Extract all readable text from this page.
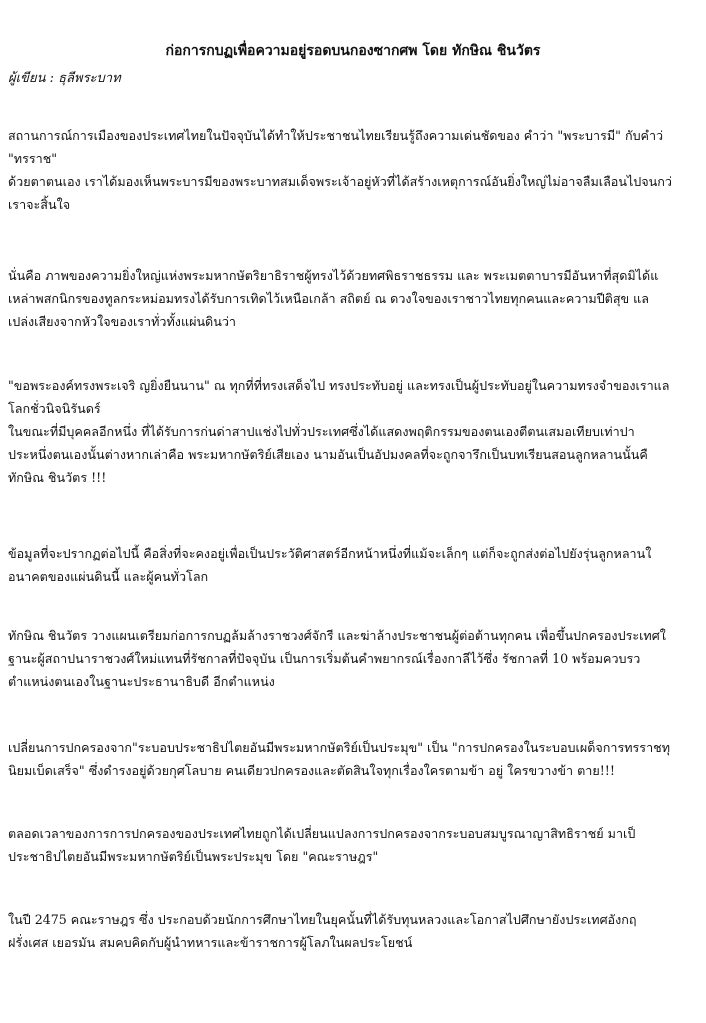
ก่อการกบฏเพื่อความอยู่รอดบนกองซากศพ โดย ทักษิณ ชินวัตร
ผู้เขียน : ธุลีพระบาท
สถานการณ์การเมืองของประเทศไทยในปัจจุบันได้ทำให้ประชาชนไทยเรียนรู้ถึงความเด่นชัดของ คำว่า "พระบารมี" กับคำว่
"ทรราช"
ด้วยตาตนเอง เราได้มองเห็นพระบารมีของพระบาทสมเด็จพระเจ้าอยู่หัวที่ได้สร้างเหตุการณ์อันยิ่งใหญ่ไม่อาจลืมเลือนไปจนกว่
เราจะสิ้นใจ
นั่นคือ ภาพของความยิ่งใหญ่แห่งพระมหากษัตริยาธิราชผู้ทรงไว้ด้วยทศพิธราชธรรม และ พระเมตตาบารมีอันหาที่สุดมิได้แ
เหล่าพสกนิกรของทูลกระหม่อมทรงได้รับการเทิดไว้เหนือเกล้า สถิตย์ ณ ดวงใจของเราชาวไทยทุกคนและความปีติสุข แล
เปล่งเสียงจากหัวใจของเราทั่วทั้งแผ่นดินว่า
"ขอพระองค์ทรงพระเจริ ญยิ่งยืนนาน" ณ ทุกที่ที่ทรงเสด็จไป ทรงประทับอยู่ และทรงเป็นผู้ประทับอยู่ในความทรงจำของเราแล
โลกชั่วนิจนิรันดร์
ในขณะที่มีบุคคลอีกหนึ่ง ที่ได้รับการก่นด่าสาปแช่งไปทั่วประเทศซึ่งได้แสดงพฤติกรรมของตนเองตีตนเสมอเทียบเท่าปา
ประหนึ่งตนเองนั้นต่างหากเล่าคือ พระมหากษัตริย์เสียเอง นามอันเป็นอัปมงคลที่จะถูกจารึกเป็นบทเรียนสอนลูกหลานนั้นคื
ทักษิณ ชินวัตร !!!
ข้อมูลที่จะปรากฏต่อไปนี้ คือสิ่งที่จะคงอยู่เพื่อเป็นประวัติศาสตร์อีกหน้าหนึ่งที่แม้จะเล็กๆ แต่ก็จะถูกส่งต่อไปยังรุ่นลูกหลานใ
อนาคตของแผ่นดินนี้ และผู้คนทั่วโลก
ทักษิณ ชินวัตร วางแผนเตรียมก่อการกบฏล้มล้างราชวงศ์จักรี และฆ่าล้างประชาชนผู้ต่อต้านทุกคน เพื่อขึ้นปกครองประเทศใ
ฐานะผู้สถาปนาราชวงศ์ใหม่แทนที่รัชกาลที่ปัจจุบัน เป็นการเริ่มต้นคำพยากรณ์เรื่องกาลีไว้ซึ่ง รัชกาลที่ 10 พร้อมควบรว
ตำแหน่งตนเองในฐานะประธานาธิบดี อีกตำแหน่ง
เปลี่ยนการปกครองจาก"ระบอบประชาธิปไตยอันมีพระมหากษัตริย์เป็นประมุข" เป็น "การปกครองในระบอบเผด็จการทรราชทุ
นิยมเบ็ดเสร็จ" ซึ่งดำรงอยู่ด้วยกุศโลบาย คนเดียวปกครองและตัดสินใจทุกเรื่องใครตามข้า อยู่ ใครขวางข้า ตาย!!!
ตลอดเวลาของการการปกครองของประเทศไทยถูกได้เปลี่ยนแปลงการปกครองจากระบอบสมบูรณาญาสิทธิราชย์ มาเป็
ประชาธิปไตยอันมีพระมหากษัตริย์เป็นพระประมุข โดย "คณะราษฎร"
ในปี 2475 คณะราษฎร ซึ่ง ประกอบด้วยนักการศึกษาไทยในยุคนั้นที่ได้รับทุนหลวงและโอกาสไปศึกษายังประเทศอังกฤ
ฝรั่งเศส เยอรมัน สมคบคิดกับผู้นำทหารและข้าราชการผู้โลภในผลประโยชน์
